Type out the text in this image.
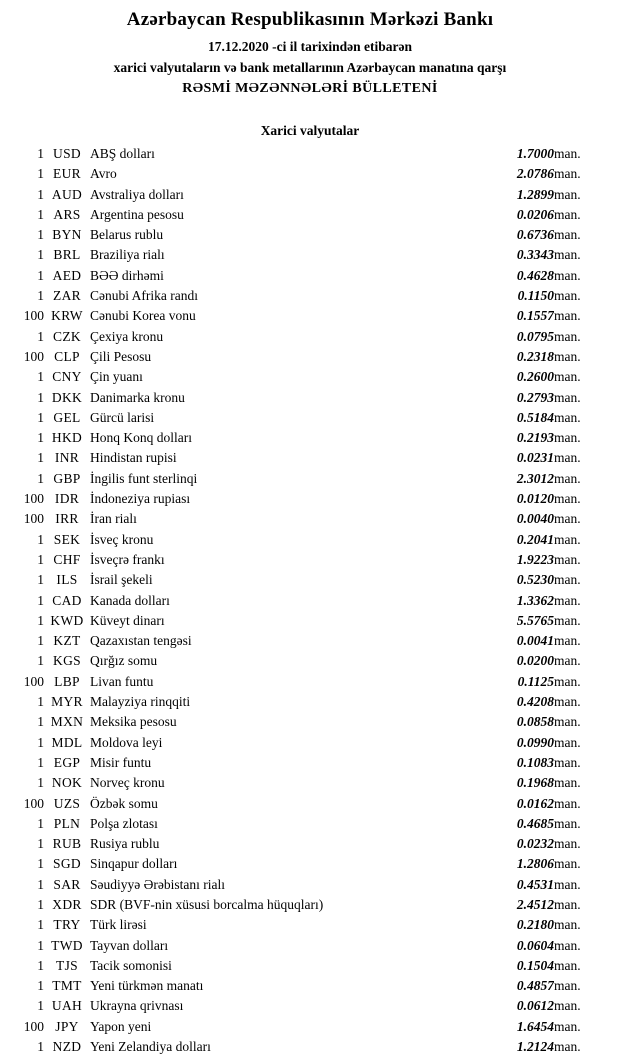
Azərbaycan Respublikasının Mərkəzi Bankı
17.12.2020 -ci il tarixindən etibarən
xarici valyutaların və bank metallarının Azərbaycan manatına qarşı
RƏSMİ MƏZƏNNƏLƏRİ BÜLLETENİ
Xarici valyutalar
1	USD	ABŞ dolları	1.7000	man.
1	EUR	Avro	2.0786	man.
1	AUD	Avstraliya dolları	1.2899	man.
1	ARS	Argentina pesosu	0.0206	man.
1	BYN	Belarus rublu	0.6736	man.
1	BRL	Braziliya rialı	0.3343	man.
1	AED	BƏƏ dirhəmi	0.4628	man.
1	ZAR	Cənubi Afrika randı	0.1150	man.
100	KRW	Cənubi Korea vonu	0.1557	man.
1	CZK	Çexiya kronu	0.0795	man.
100	CLP	Çili Pesosu	0.2318	man.
1	CNY	Çin yuanı	0.2600	man.
1	DKK	Danimarka kronu	0.2793	man.
1	GEL	Gürcü larisi	0.5184	man.
1	HKD	Honq Konq dolları	0.2193	man.
1	INR	Hindistan rupisi	0.0231	man.
1	GBP	İngilis funt sterlinqi	2.3012	man.
100	IDR	İndoneziya rupiası	0.0120	man.
100	IRR	İran rialı	0.0040	man.
1	SEK	İsveç kronu	0.2041	man.
1	CHF	İsveçrə frankı	1.9223	man.
1	ILS	İsrail şekeli	0.5230	man.
1	CAD	Kanada dolları	1.3362	man.
1	KWD	Küveyt dinarı	5.5765	man.
1	KZT	Qazaxıstan tengəsi	0.0041	man.
1	KGS	Qırğız somu	0.0200	man.
100	LBP	Livan funtu	0.1125	man.
1	MYR	Malayziya rinqqiti	0.4208	man.
1	MXN	Meksika pesosu	0.0858	man.
1	MDL	Moldova leyi	0.0990	man.
1	EGP	Misir funtu	0.1083	man.
1	NOK	Norveç kronu	0.1968	man.
100	UZS	Özbək somu	0.0162	man.
1	PLN	Polşa zlotası	0.4685	man.
1	RUB	Rusiya rublu	0.0232	man.
1	SGD	Sinqapur dolları	1.2806	man.
1	SAR	Səudiyyə Ərəbistanı rialı	0.4531	man.
1	XDR	SDR (BVF-nin xüsusi borcalma hüquqları)	2.4512	man.
1	TRY	Türk lirəsi	0.2180	man.
1	TWD	Tayvan dolları	0.0604	man.
1	TJS	Tacik somonisi	0.1504	man.
1	TMT	Yeni türkmən manatı	0.4857	man.
1	UAH	Ukrayna qrivnası	0.0612	man.
100	JPY	Yapon yeni	1.6454	man.
1	NZD	Yeni Zelandiya dolları	1.2124	man.
